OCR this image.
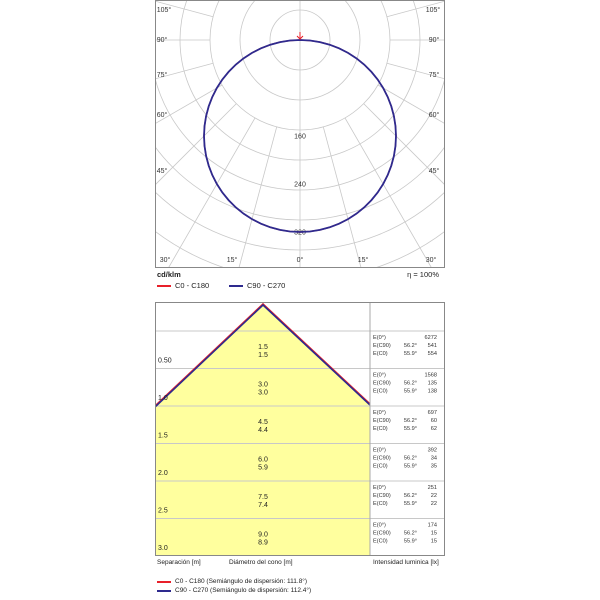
0°
15°	15°
30°	30°
45°	45°
60°	60°
75°	75°
90°	90°
105°	105°
160
240
320
cd/klm	η = 100%
C0 - C180	C90 - C270
0.50
1.5
1.5
E(0°)	6272
E(C90) 56.2° 541
E(C0)	55.9° 554
1.0
3.0
3.0
E(0°)	1568
E(C90) 56.2° 135
E(C0)	55.9° 138
1.5
4.5
4.4
E(0°)	697
E(C90) 56.2° 60
E(C0)	55.9° 62
2.0
6.0
5.9
E(0°)	392
E(C90) 56.2° 34
E(C0)	55.9° 35
2.5
7.5
7.4
E(0°)	251
E(C90) 56.2° 22
E(C0)	55.9° 22
3.0
9.0
8.9
E(0°)	174
E(C90) 56.2° 15
E(C0)	55.9° 15
Separación [m]	Diámetro del cono [m]	Intensidad luminica [lx]
C0 - C180 (Semiángulo de dispersión: 111.8°)
C90 - C270 (Semiángulo de dispersión: 112.4°)
